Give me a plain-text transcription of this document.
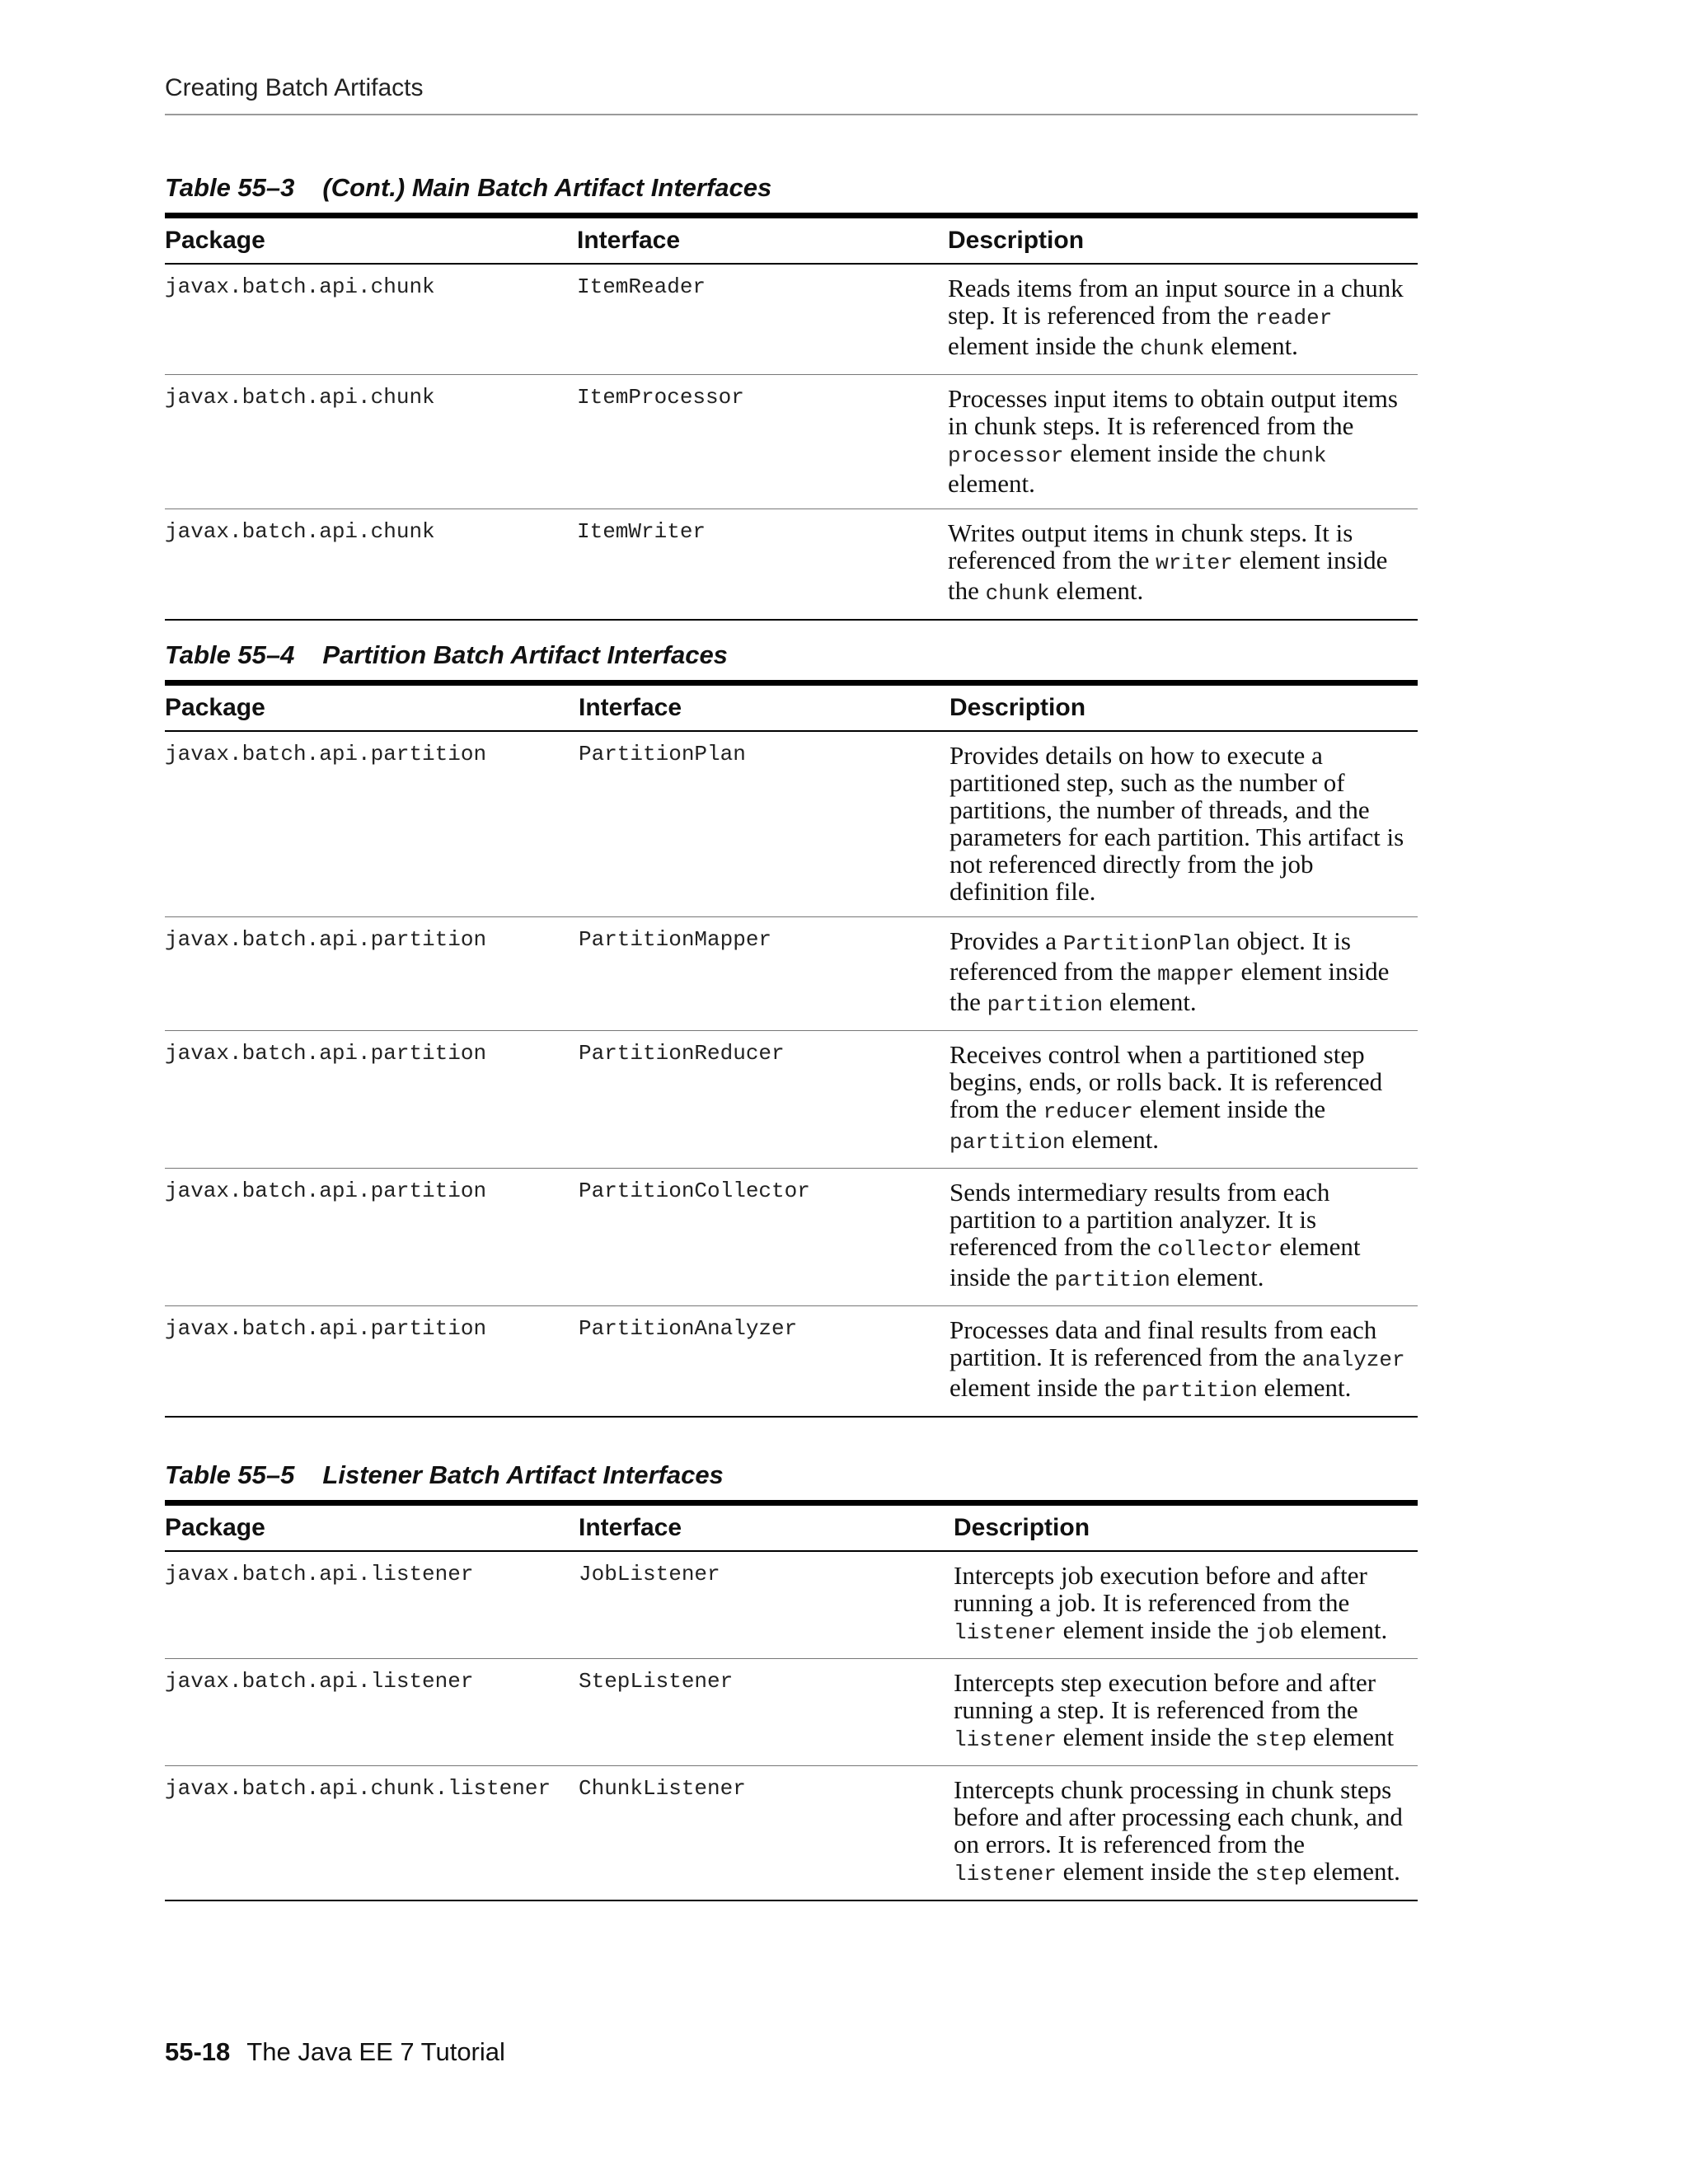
Creating Batch Artifacts
Table 55–3 (Cont.) Main Batch Artifact Interfaces
Package	Interface	Description
javax.batch.api.chunk	ItemReader	Reads items from an input source in a chunk step. It is referenced from the reader element inside the chunk element.
javax.batch.api.chunk	ItemProcessor	Processes input items to obtain output items in chunk steps. It is referenced from the processor element inside the chunk element.
javax.batch.api.chunk	ItemWriter	Writes output items in chunk steps. It is referenced from the writer element inside the chunk element.
Table 55–4 Partition Batch Artifact Interfaces
Package	Interface	Description
javax.batch.api.partition	PartitionPlan	Provides details on how to execute a partitioned step, such as the number of partitions, the number of threads, and the parameters for each partition. This artifact is not referenced directly from the job definition file.
javax.batch.api.partition	PartitionMapper	Provides a PartitionPlan object. It is referenced from the mapper element inside the partition element.
javax.batch.api.partition	PartitionReducer	Receives control when a partitioned step begins, ends, or rolls back. It is referenced from the reducer element inside the partition element.
javax.batch.api.partition	PartitionCollector	Sends intermediary results from each partition to a partition analyzer. It is referenced from the collector element inside the partition element.
javax.batch.api.partition	PartitionAnalyzer	Processes data and final results from each partition. It is referenced from the analyzer element inside the partition element.
Table 55–5 Listener Batch Artifact Interfaces
Package	Interface	Description
javax.batch.api.listener	JobListener	Intercepts job execution before and after running a job. It is referenced from the listener element inside the job element.
javax.batch.api.listener	StepListener	Intercepts step execution before and after running a step. It is referenced from the listener element inside the step element
javax.batch.api.chunk.listener	ChunkListener	Intercepts chunk processing in chunk steps before and after processing each chunk, and on errors. It is referenced from the listener element inside the step element.
55-18 The Java EE 7 Tutorial
